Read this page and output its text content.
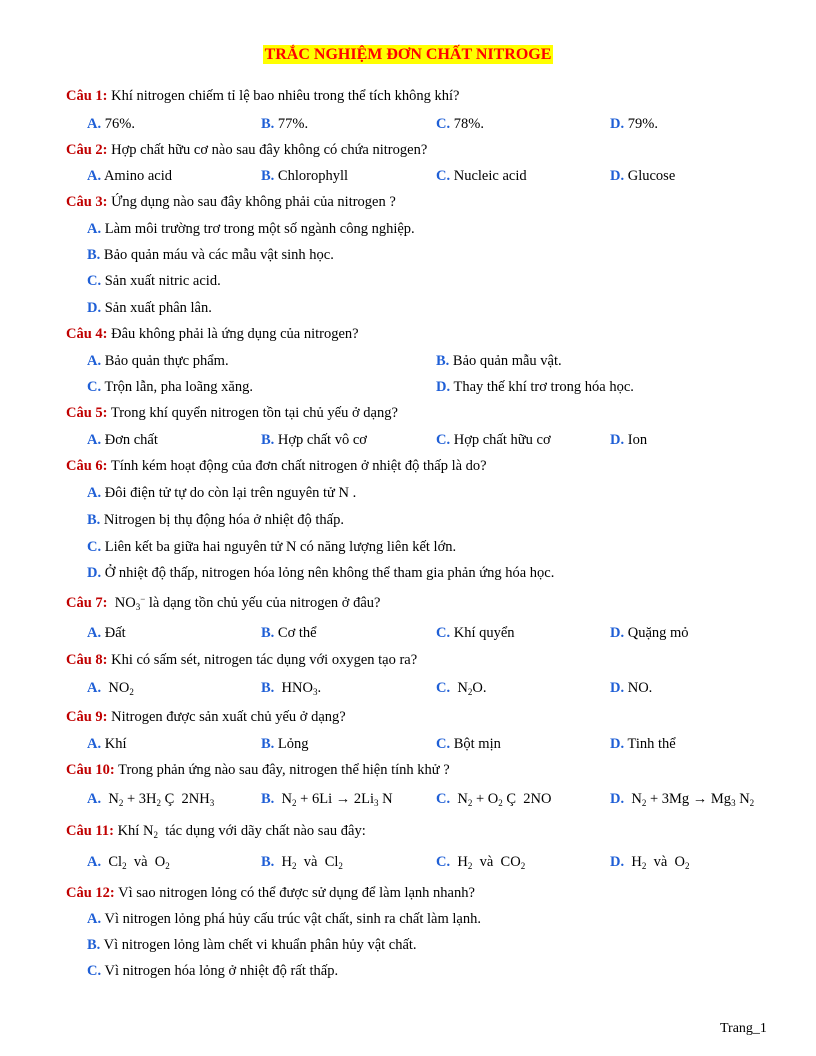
TRẮC NGHIỆM ĐƠN CHẤT NITROGE
Câu 1: Khí nitrogen chiếm tỉ lệ bao nhiêu trong thể tích không khí?
A. 76%.	B. 77%.	C. 78%.	D. 79%.
Câu 2: Hợp chất hữu cơ nào sau đây không có chứa nitrogen?
A. Amino acid	B. Chlorophyll	C. Nucleic acid	D. Glucose
Câu 3: Ứng dụng nào sau đây không phải của nitrogen ?
A. Làm môi trường trơ trong một số ngành công nghiệp.
B. Bảo quản máu và các mẫu vật sinh học.
C. Sản xuất nitric acid.
D. Sản xuất phân lân.
Câu 4: Đâu không phải là ứng dụng của nitrogen?
A. Bảo quản thực phẩm.	B. Bảo quản mẫu vật.
C. Trộn lẫn, pha loãng xăng.	D. Thay thế khí trơ trong hóa học.
Câu 5: Trong khí quyển nitrogen tồn tại chủ yếu ở dạng?
A. Đơn chất	B. Hợp chất vô cơ	C. Hợp chất hữu cơ	D. Ion
Câu 6: Tính kém hoạt động của đơn chất nitrogen ở nhiệt độ thấp là do?
A. Đôi điện tử tự do còn lại trên nguyên tử N .
B. Nitrogen bị thụ động hóa ở nhiệt độ thấp.
C. Liên kết ba giữa hai nguyên tử N có năng lượng liên kết lớn.
D. Ở nhiệt độ thấp, nitrogen hóa lỏng nên không thể tham gia phản ứng hóa học.
Câu 7: $NO_3^-$ là dạng tồn chủ yếu của nitrogen ở đâu?
A. Đất	B. Cơ thể	C. Khí quyển	D. Quặng mỏ
Câu 8: Khi có sấm sét, nitrogen tác dụng với oxygen tạo ra?
A. $NO_2$	B. $HNO_3$.	C. $N_2O$.	D. NO.
Câu 9: Nitrogen được sản xuất chủ yếu ở dạng?
A. Khí	B. Lỏng	C. Bột mịn	D. Tinh thể
Câu 10: Trong phản ứng nào sau đây, nitrogen thể hiện tính khử ?
A. $N_2 + 3H_2$ Ç  $2NH_3$	B. $N_2 + 6Li \to 2Li_3$ N	C. $N_2 + O_2$ Ç  2NO	D. $N_2 + 3Mg \to Mg_3$ $N_2$
Câu 11: Khí $N_2$ tác dụng với dãy chất nào sau đây:
A. $Cl_2$  và  $O_2$	B. $H_2$  và  $Cl_2$	C. $H_2$  và  $CO_2$	D. $H_2$  và  $O_2$
Câu 12: Vì sao nitrogen lỏng có thể được sử dụng để làm lạnh nhanh?
A. Vì nitrogen lỏng phá hủy cấu trúc vật chất, sinh ra chất làm lạnh.
B. Vì nitrogen lỏng làm chết vi khuẩn phân hủy vật chất.
C. Vì nitrogen hóa lỏng ở nhiệt độ rất thấp.
Trang_1
